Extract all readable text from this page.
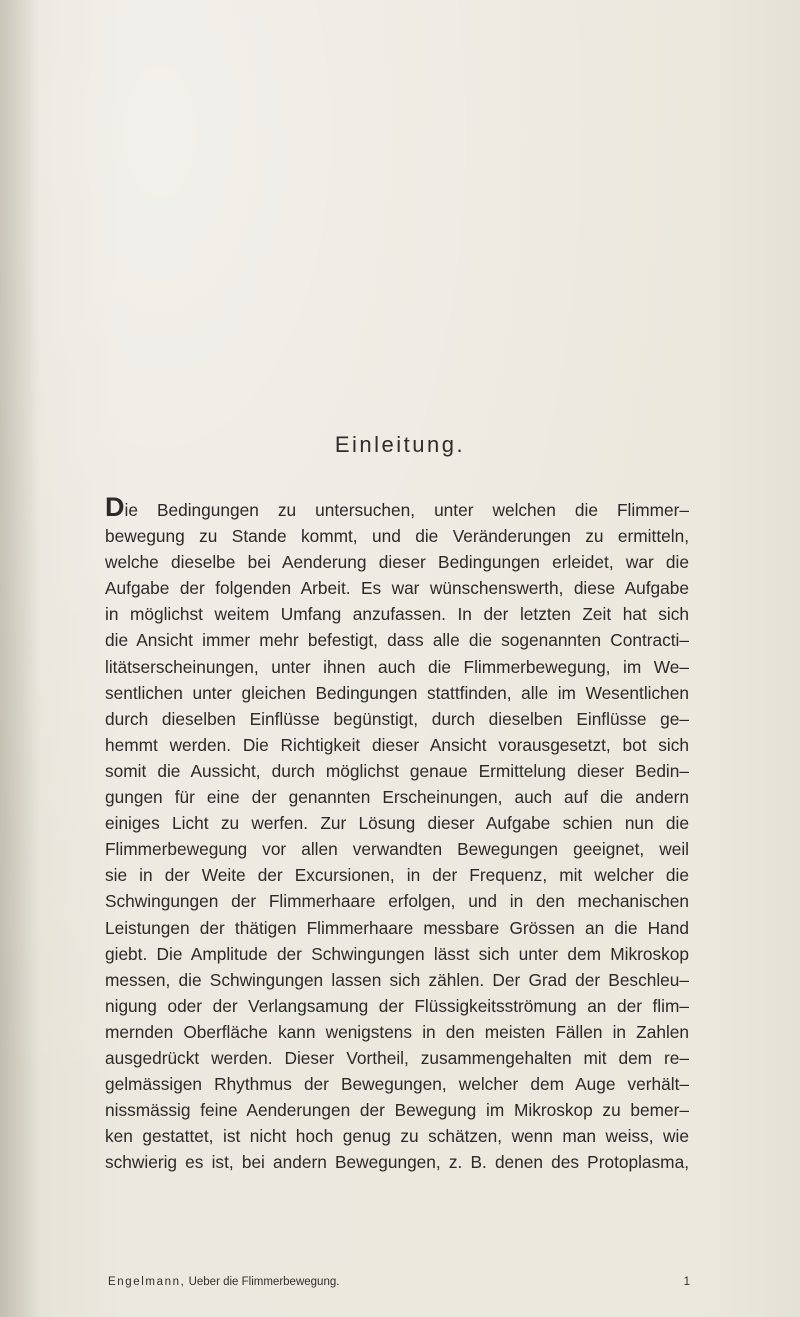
Einleitung.
Die Bedingungen zu untersuchen, unter welchen die Flimmer–
bewegung zu Stande kommt, und die Veränderungen zu ermitteln,
welche dieselbe bei Aenderung dieser Bedingungen erleidet, war die
Aufgabe der folgenden Arbeit. Es war wünschenswerth, diese Aufgabe
in möglichst weitem Umfang anzufassen. In der letzten Zeit hat sich
die Ansicht immer mehr befestigt, dass alle die sogenannten Contracti–
litätserscheinungen, unter ihnen auch die Flimmerbewegung, im We–
sentlichen unter gleichen Bedingungen stattfinden, alle im Wesentlichen
durch dieselben Einflüsse begünstigt, durch dieselben Einflüsse ge–
hemmt werden. Die Richtigkeit dieser Ansicht vorausgesetzt, bot sich
somit die Aussicht, durch möglichst genaue Ermittelung dieser Bedin–
gungen für eine der genannten Erscheinungen, auch auf die andern
einiges Licht zu werfen. Zur Lösung dieser Aufgabe schien nun die
Flimmerbewegung vor allen verwandten Bewegungen geeignet, weil
sie in der Weite der Excursionen, in der Frequenz, mit welcher die
Schwingungen der Flimmerhaare erfolgen, und in den mechanischen
Leistungen der thätigen Flimmerhaare messbare Grössen an die Hand
giebt. Die Amplitude der Schwingungen lässt sich unter dem Mikroskop
messen, die Schwingungen lassen sich zählen. Der Grad der Beschleu–
nigung oder der Verlangsamung der Flüssigkeitsströmung an der flim–
mernden Oberfläche kann wenigstens in den meisten Fällen in Zahlen
ausgedrückt werden. Dieser Vortheil, zusammengehalten mit dem re–
gelmässigen Rhythmus der Bewegungen, welcher dem Auge verhält–
nissmässig feine Aenderungen der Bewegung im Mikroskop zu bemer–
ken gestattet, ist nicht hoch genug zu schätzen, wenn man weiss, wie
schwierig es ist, bei andern Bewegungen, z. B. denen des Protoplasma,
Engelmann, Ueber die Flimmerbewegung.	1
